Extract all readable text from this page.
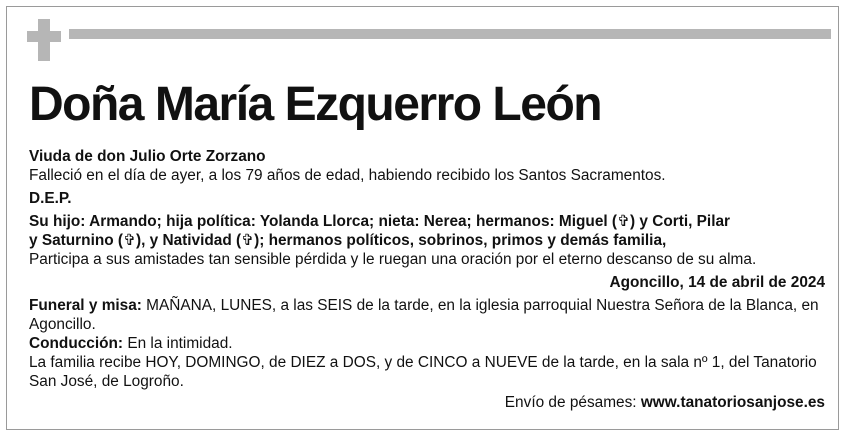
Doña María Ezquerro León

Viuda de don Julio Orte Zorzano

Falleció en el día de ayer, a los 79 años de edad, habiendo recibido los Santos Sacramentos.

D.E.P.

Su hijo: Armando; hija política: Yolanda Llorca; nieta: Nerea; hermanos: Miguel (✞) y Corti, Pilar

y Saturnino (✞), y Natividad (✞); hermanos políticos, sobrinos, primos y demás familia,

Participa a sus amistades tan sensible pérdida y le ruegan una oración por el eterno descanso de su alma.

Agoncillo, 14 de abril de 2024

Funeral y misa: MAÑANA, LUNES, a las SEIS de la tarde, en la iglesia parroquial Nuestra Señora de la Blanca, en Agoncillo.

Conducción: En la intimidad.

La familia recibe HOY, DOMINGO, de DIEZ a DOS, y de CINCO a NUEVE de la tarde, en la sala nº 1, del Tanatorio San José, de Logroño.

Envío de pésames: www.tanatoriosanjose.es
